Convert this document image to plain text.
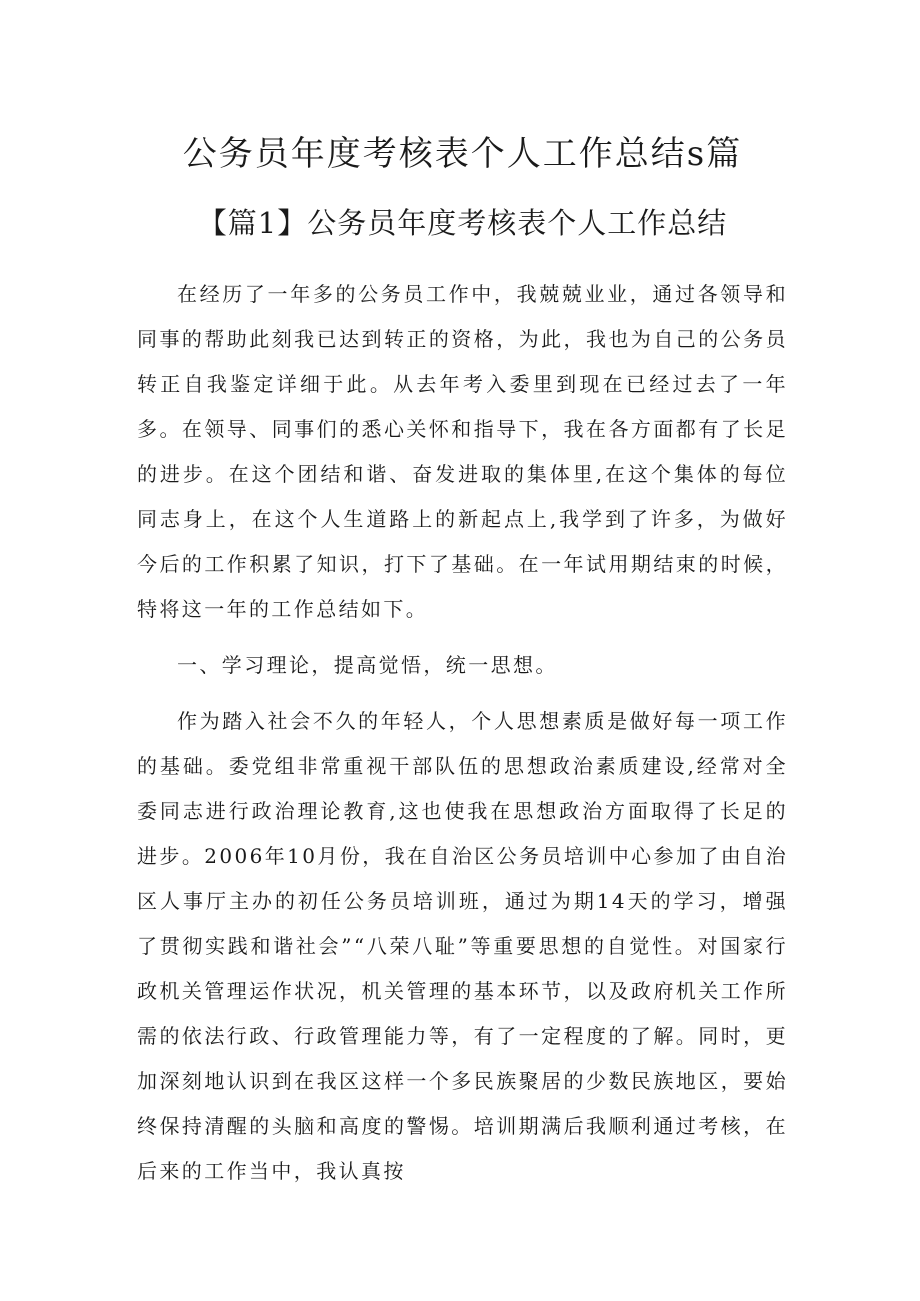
公务员年度考核表个人工作总结s篇
【篇1】公务员年度考核表个人工作总结

在经历了一年多的公务员工作中，我兢兢业业，通过各领导和同事的帮助此刻我已达到转正的资格，为此，我也为自己的公务员转正自我鉴定详细于此。从去年考入委里到现在已经过去了一年多。在领导、同事们的悉心关怀和指导下，我在各方面都有了长足的进步。在这个团结和谐、奋发进取的集体里,在这个集体的每位同志身上，在这个人生道路上的新起点上,我学到了许多，为做好今后的工作积累了知识，打下了基础。在一年试用期结束的时候，特将这一年的工作总结如下。

一、学习理论，提高觉悟，统一思想。

作为踏入社会不久的年轻人，个人思想素质是做好每一项工作的基础。委党组非常重视干部队伍的思想政治素质建设,经常对全委同志进行政治理论教育,这也使我在思想政治方面取得了长足的进步。2006年10月份，我在自治区公务员培训中心参加了由自治区人事厅主办的初任公务员培训班，通过为期14天的学习，增强了贯彻实践和谐社会”“八荣八耻”等重要思想的自觉性。对国家行政机关管理运作状况，机关管理的基本环节，以及政府机关工作所需的依法行政、行政管理能力等，有了一定程度的了解。同时，更加深刻地认识到在我区这样一个多民族聚居的少数民族地区，要始终保持清醒的头脑和高度的警惕。培训期满后我顺利通过考核，在后来的工作当中，我认真按
